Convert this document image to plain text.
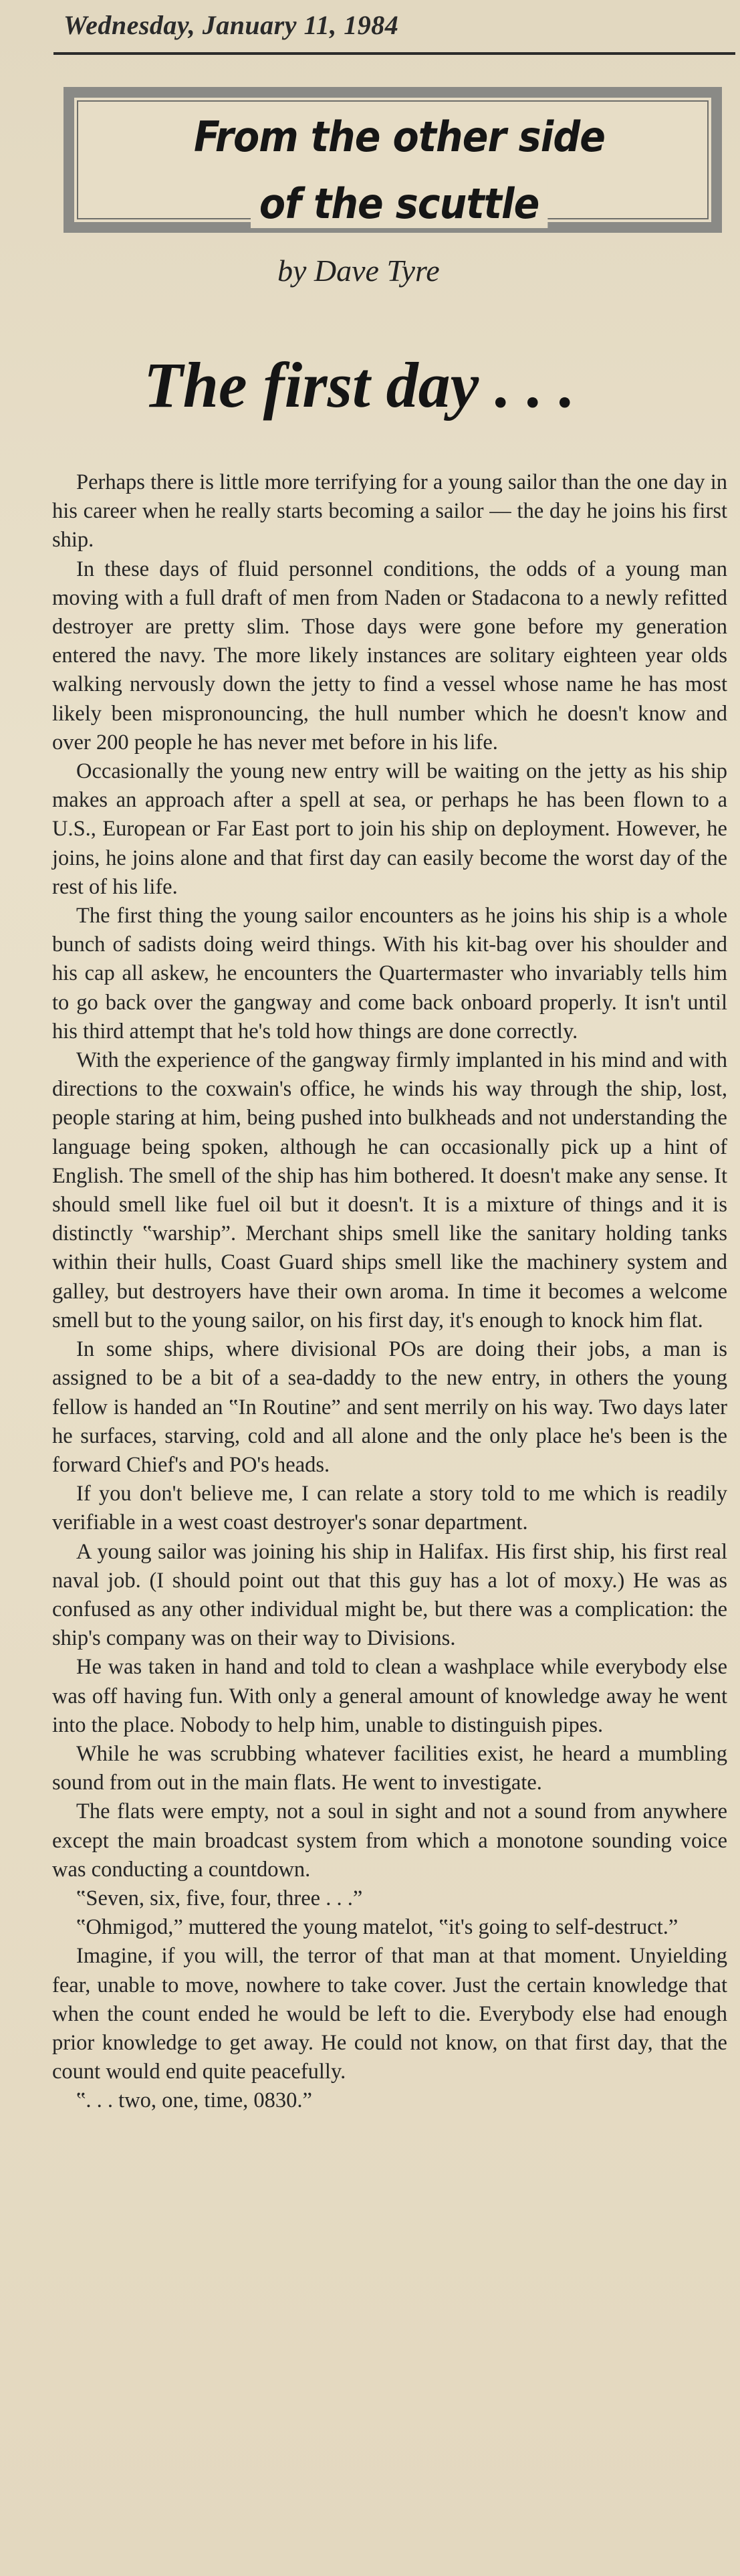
Wednesday, January 11, 1984
From the other side
of the scuttle
by Dave Tyre
The first day . . .

Perhaps there is little more terrifying for a young sailor than the one day in his career when he really starts becoming a sailor — the day he joins his first ship.

In these days of fluid personnel conditions, the odds of a young man moving with a full draft of men from Naden or Stadacona to a newly refitted destroyer are pretty slim. Those days were gone before my generation entered the navy. The more likely instances are solitary eighteen year olds walking nervously down the jetty to find a vessel whose name he has most likely been mispronouncing, the hull number which he doesn't know and over 200 people he has never met before in his life.

Occasionally the young new entry will be waiting on the jetty as his ship makes an approach after a spell at sea, or perhaps he has been flown to a U.S., European or Far East port to join his ship on deployment. However, he joins, he joins alone and that first day can easily become the worst day of the rest of his life.

The first thing the young sailor encounters as he joins his ship is a whole bunch of sadists doing weird things. With his kit-bag over his shoulder and his cap all askew, he encounters the Quartermaster who invariably tells him to go back over the gangway and come back onboard properly. It isn't until his third attempt that he's told how things are done correctly.

With the experience of the gangway firmly implanted in his mind and with directions to the coxwain's office, he winds his way through the ship, lost, people staring at him, being pushed into bulkheads and not understanding the language being spoken, although he can occasionally pick up a hint of English. The smell of the ship has him bothered. It doesn't make any sense. It should smell like fuel oil but it doesn't. It is a mixture of things and it is distinctly ‟warship”. Merchant ships smell like the sanitary holding tanks within their hulls, Coast Guard ships smell like the machinery system and galley, but destroyers have their own aroma. In time it becomes a welcome smell but to the young sailor, on his first day, it's enough to knock him flat.

In some ships, where divisional POs are doing their jobs, a man is assigned to be a bit of a sea-daddy to the new entry, in others the young fellow is handed an ‟In Routine” and sent merrily on his way. Two days later he surfaces, starving, cold and all alone and the only place he's been is the forward Chief's and PO's heads.

If you don't believe me, I can relate a story told to me which is readily verifiable in a west coast destroyer's sonar department.

A young sailor was joining his ship in Halifax. His first ship, his first real naval job. (I should point out that this guy has a lot of moxy.) He was as confused as any other individual might be, but there was a complication: the ship's company was on their way to Divisions.

He was taken in hand and told to clean a washplace while everybody else was off having fun. With only a general amount of knowledge away he went into the place. Nobody to help him, unable to distinguish pipes.

While he was scrubbing whatever facilities exist, he heard a mumbling sound from out in the main flats. He went to investigate.

The flats were empty, not a soul in sight and not a sound from anywhere except the main broadcast system from which a monotone sounding voice was conducting a countdown.

‟Seven, six, five, four, three . . .”

‟Ohmigod,” muttered the young matelot, ‟it's going to self-destruct.”

Imagine, if you will, the terror of that man at that moment. Unyielding fear, unable to move, nowhere to take cover. Just the certain knowledge that when the count ended he would be left to die. Everybody else had enough prior knowledge to get away. He could not know, on that first day, that the count would end quite peacefully.

‟. . . two, one, time, 0830.”
